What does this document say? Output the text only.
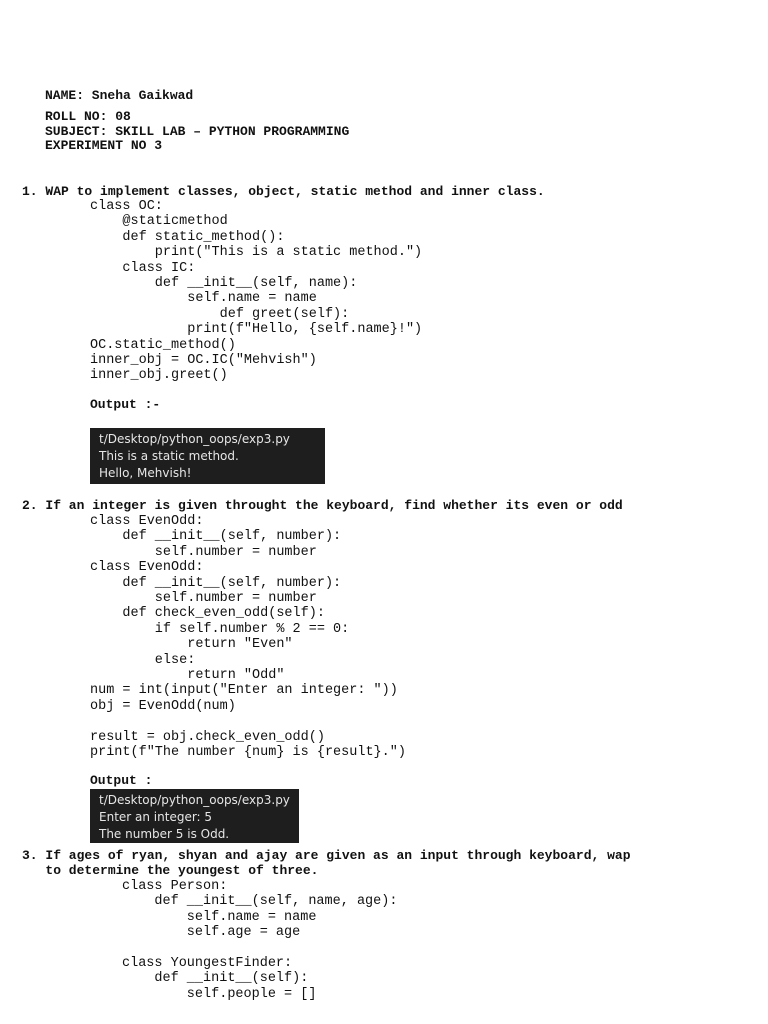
NAME: Sneha Gaikwad
ROLL NO: 08
SUBJECT: SKILL LAB – PYTHON PROGRAMMING
EXPERIMENT NO 3
1. WAP to implement classes, object, static method and inner class.
class OC:
@staticmethod
def static_method():
print("This is a static method.")
class IC:
def __init__(self, name):
self.name = name
def greet(self):
print(f"Hello, {self.name}!")
OC.static_method()
inner_obj = OC.IC("Mehvish")
inner_obj.greet()
Output :-
t/Desktop/python_oops/exp3.py
This is a static method.
Hello, Mehvish!
2. If an integer is given throught the keyboard, find whether its even or odd
class EvenOdd:
def __init__(self, number):
self.number = number
class EvenOdd:
def __init__(self, number):
self.number = number
def check_even_odd(self):
if self.number % 2 == 0:
return "Even"
else:
return "Odd"
num = int(input("Enter an integer: "))
obj = EvenOdd(num)

result = obj.check_even_odd()
print(f"The number {num} is {result}.")
Output :
t/Desktop/python_oops/exp3.py
Enter an integer: 5
The number 5 is Odd.
3. If ages of ryan, shyan and ajay are given as an input through keyboard, wap
to determine the youngest of three.
class Person:
def __init__(self, name, age):
self.name = name
self.age = age

class YoungestFinder:
def __init__(self):
self.people = []
